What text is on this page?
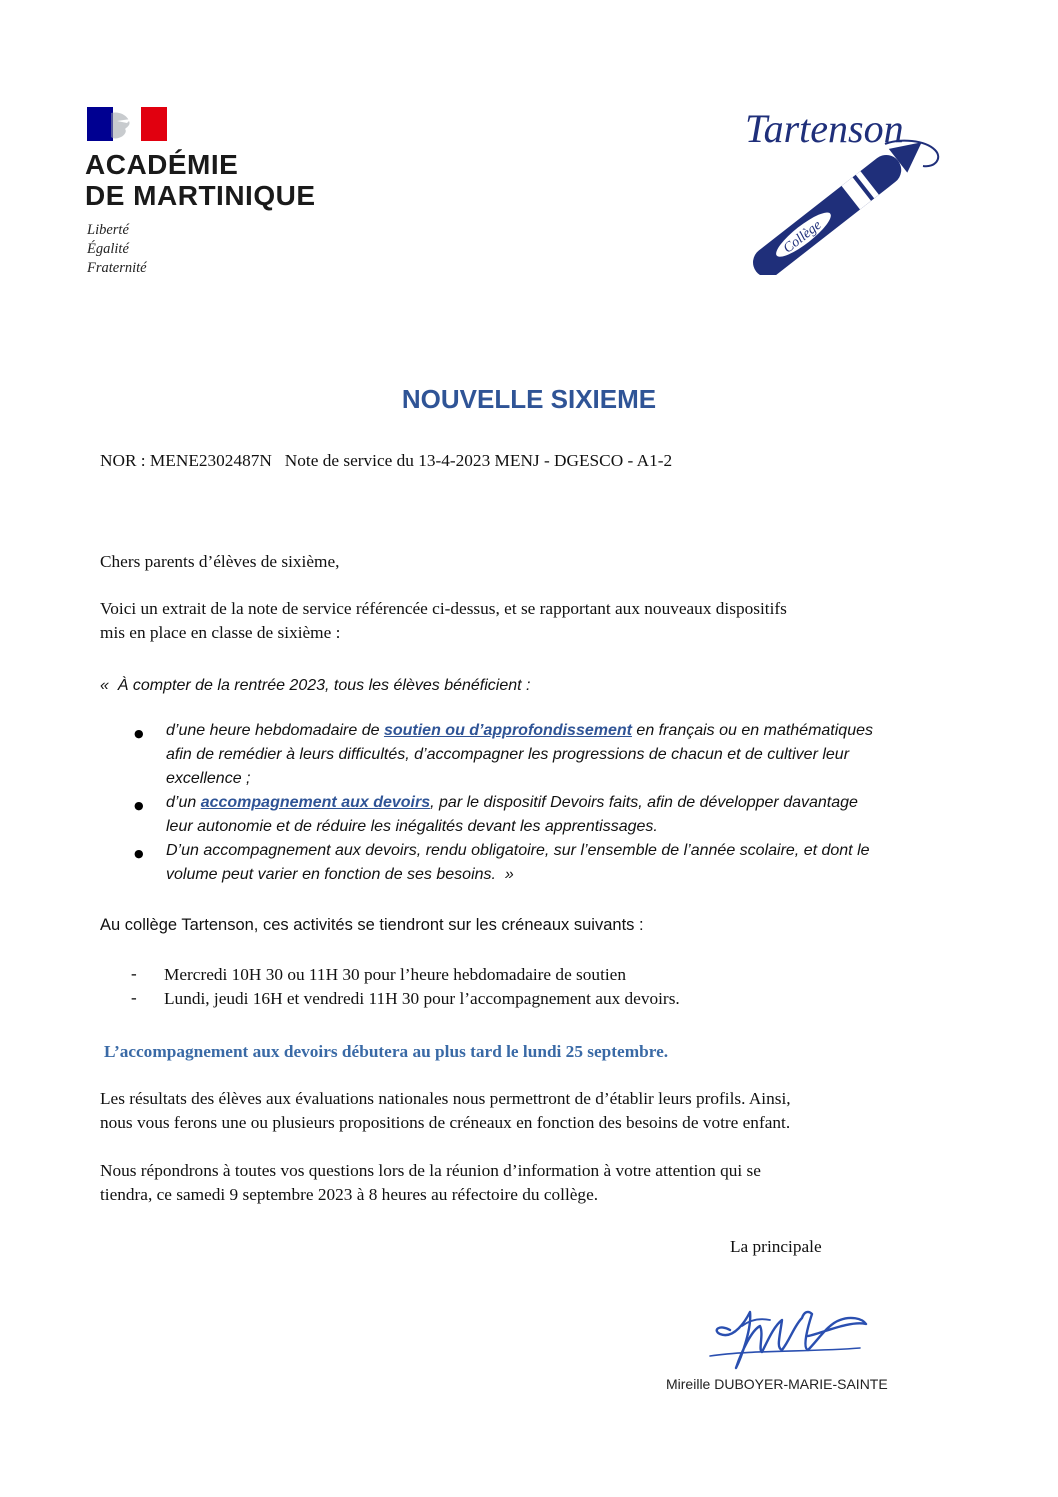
ACADÉMIE
DE MARTINIQUE
Liberté
Égalité
Fraternité
Tartenson
Collège
NOUVELLE SIXIEME
NOR : MENE2302487N   Note de service du 13-4-2023 MENJ - DGESCO - A1-2
Chers parents d’élèves de sixième,
Voici un extrait de la note de service référencée ci-dessus, et se rapportant aux nouveaux dispositifs
mis en place en classe de sixième :
«  À compter de la rentrée 2023, tous les élèves bénéficient :
● d’une heure hebdomadaire de soutien ou d’approfondissement en français ou en mathématiques
afin de remédier à leurs difficultés, d’accompagner les progressions de chacun et de cultiver leur
excellence ;
● d’un accompagnement aux devoirs, par le dispositif Devoirs faits, afin de développer davantage
leur autonomie et de réduire les inégalités devant les apprentissages.
● D’un accompagnement aux devoirs, rendu obligatoire, sur l’ensemble de l’année scolaire, et dont le
volume peut varier en fonction de ses besoins.  »
Au collège Tartenson, ces activités se tiendront sur les créneaux suivants :
- Mercredi 10H 30 ou 11H 30 pour l’heure hebdomadaire de soutien
- Lundi, jeudi 16H et vendredi 11H 30 pour l’accompagnement aux devoirs.
L’accompagnement aux devoirs débutera au plus tard le lundi 25 septembre.
Les résultats des élèves aux évaluations nationales nous permettront de d’établir leurs profils. Ainsi,
nous vous ferons une ou plusieurs propositions de créneaux en fonction des besoins de votre enfant.
Nous répondrons à toutes vos questions lors de la réunion d’information à votre attention qui se
tiendra, ce samedi 9 septembre 2023 à 8 heures au réfectoire du collège.
La principale
Mireille DUBOYER-MARIE-SAINTE
